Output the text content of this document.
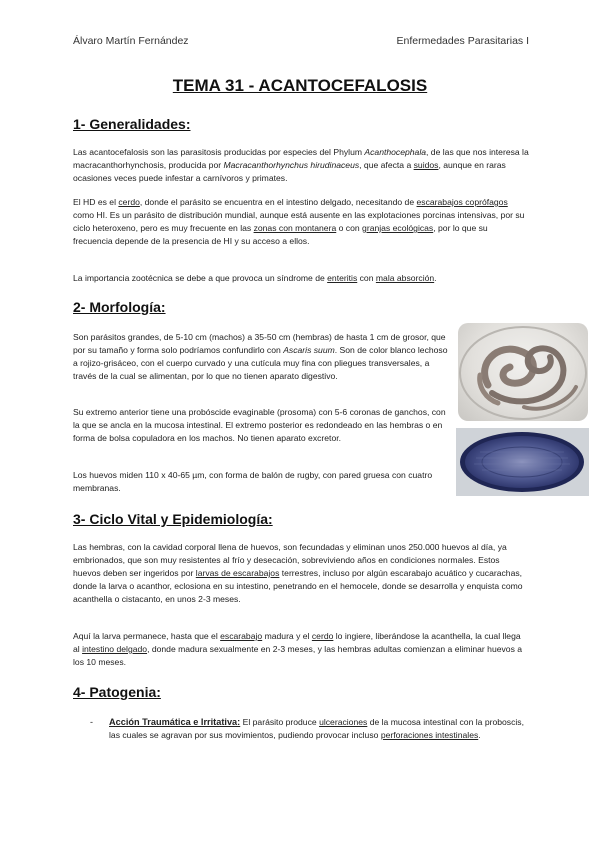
Álvaro Martín Fernández	Enfermedades Parasitarias I
TEMA 31 - ACANTOCEFALOSIS
1- Generalidades:

Las acantocefalosis son las parasitosis producidas por especies del Phylum Acanthocephala, de las que nos interesa la macracanthorhynchosis, producida por Macracanthorhynchus hirudinaceus, que afecta a suidos, aunque en raras ocasiones veces puede infestar a carnívoros y primates.

El HD es el cerdo, donde el parásito se encuentra en el intestino delgado, necesitando de escarabajos coprófagos como HI. Es un parásito de distribución mundial, aunque está ausente en las explotaciones porcinas intensivas, por su ciclo heteroxeno, pero es muy frecuente en las zonas con montanera o con granjas ecológicas, por lo que su frecuencia depende de la presencia de HI y su acceso a ellos.

La importancia zootécnica se debe a que provoca un síndrome de enteritis con mala absorción.

2- Morfología:

Son parásitos grandes, de 5-10 cm (machos) a 35-50 cm (hembras) de hasta 1 cm de grosor, que por su tamaño y forma solo podríamos confundirlo con Ascaris suum. Son de color blanco lechoso a rojizo-grisáceo, con el cuerpo curvado y una cutícula muy fina con pliegues transversales, a través de la cual se alimentan, por lo que no tienen aparato digestivo.

Su extremo anterior tiene una probóscide evaginable (prosoma) con 5-6 coronas de ganchos, con la que se ancla en la mucosa intestinal. El extremo posterior es redondeado en las hembras o en forma de bolsa copuladora en los machos. No tienen aparato excretor.

Los huevos miden 110 x 40-65 µm, con forma de balón de rugby, con pared gruesa con cuatro membranas.

3- Ciclo Vital y Epidemiología:

Las hembras, con la cavidad corporal llena de huevos, son fecundadas y eliminan unos 250.000 huevos al día, ya embrionados, que son muy resistentes al frío y desecación, sobreviviendo años en condiciones normales. Estos huevos deben ser ingeridos por larvas de escarabajos terrestres, incluso por algún escarabajo acuático y cucarachas, donde la larva o acanthor, eclosiona en su intestino, penetrando en el hemocele, donde se desarrolla y enquista como acanthella o cistacanto, en unos 2-3 meses.

Aquí la larva permanece, hasta que el escarabajo madura y el cerdo lo ingiere, liberándose la acanthella, la cual llega al intestino delgado, donde madura sexualmente en 2-3 meses, y las hembras adultas comienzan a eliminar huevos a los 10 meses.

4- Patogenia:
- Acción Traumática e Irritativa: El parásito produce ulceraciones de la mucosa intestinal con la proboscis, las cuales se agravan por sus movimientos, pudiendo provocar incluso perforaciones intestinales.
